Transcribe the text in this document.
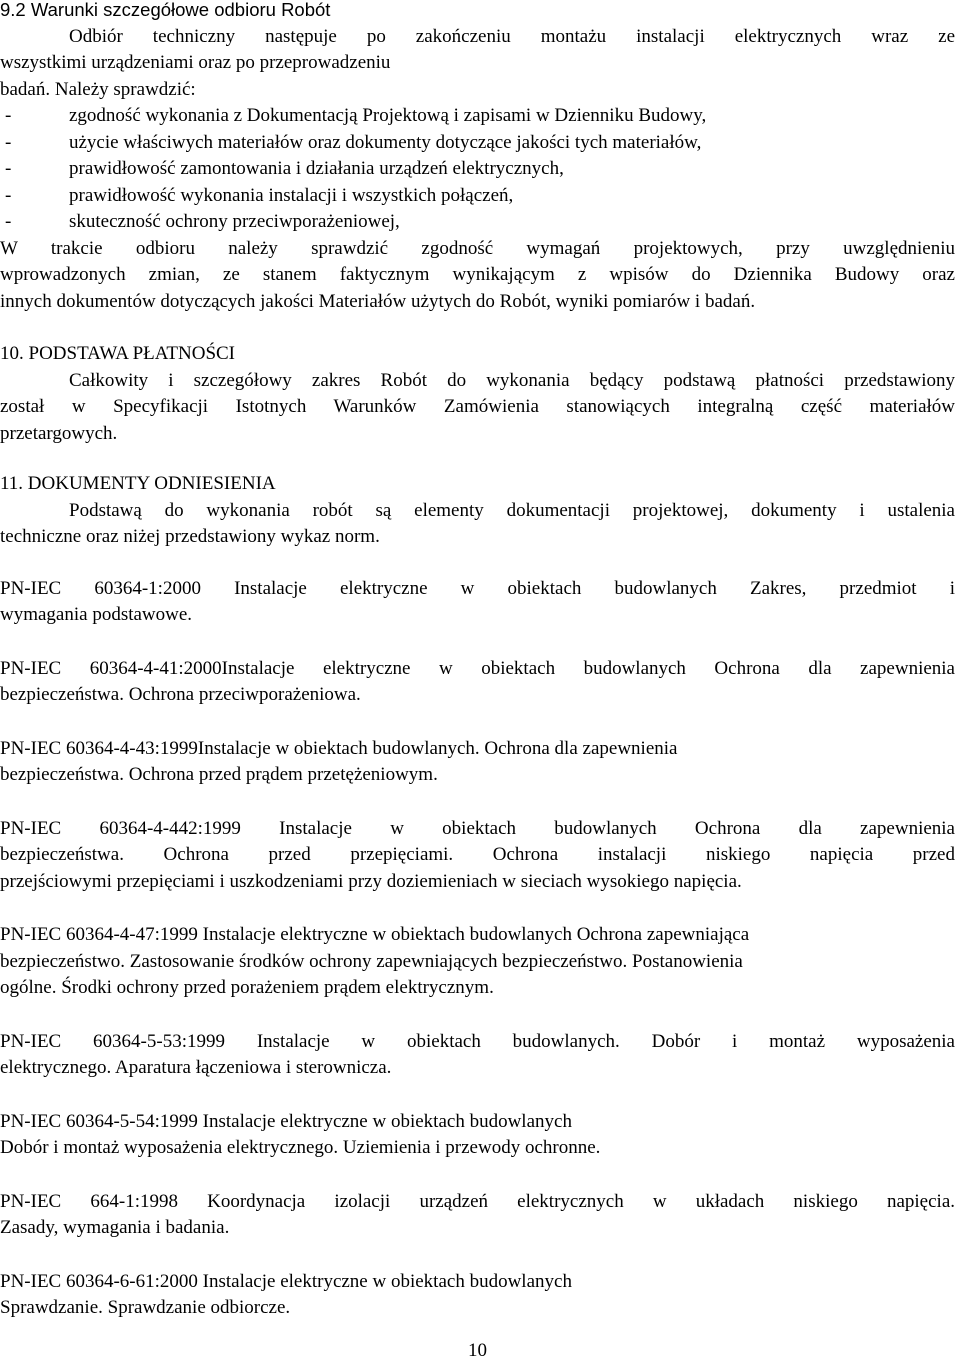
9.2 Warunki szczegółowe odbioru Robót
Odbiór techniczny następuje po zakończeniu montażu instalacji elektrycznych wraz ze
wszystkimi urządzeniami oraz po przeprowadzeniu
badań. Należy sprawdzić:
-	zgodność wykonania z Dokumentacją Projektową i zapisami w Dzienniku Budowy,
-	użycie właściwych materiałów oraz dokumenty dotyczące jakości tych materiałów,
-	prawidłowość zamontowania i działania urządzeń elektrycznych,
-	prawidłowość wykonania instalacji i wszystkich połączeń,
-	skuteczność ochrony przeciwporażeniowej,
W trakcie odbioru należy sprawdzić zgodność wymagań projektowych, przy uwzględnieniu
wprowadzonych zmian, ze stanem faktycznym wynikającym z wpisów do Dziennika Budowy oraz
innych dokumentów dotyczących jakości Materiałów użytych do Robót, wyniki pomiarów i badań.
10. PODSTAWA PŁATNOŚCI
Całkowity i szczegółowy zakres Robót do wykonania będący podstawą płatności przedstawiony
został w Specyfikacji Istotnych Warunków Zamówienia stanowiących integralną część materiałów
przetargowych.
11. DOKUMENTY ODNIESIENIA
Podstawą do wykonania robót są elementy dokumentacji projektowej, dokumenty i ustalenia
techniczne oraz niżej przedstawiony wykaz norm.
PN-IEC 60364-1:2000 Instalacje elektryczne w obiektach budowlanych Zakres, przedmiot i
wymagania podstawowe.
PN-IEC 60364-4-41:2000Instalacje elektryczne w obiektach budowlanych Ochrona dla zapewnienia
bezpieczeństwa. Ochrona przeciwporażeniowa.
PN-IEC 60364-4-43:1999Instalacje w obiektach budowlanych. Ochrona dla zapewnienia
bezpieczeństwa. Ochrona przed prądem przetężeniowym.
PN-IEC 60364-4-442:1999 Instalacje w obiektach budowlanych Ochrona dla zapewnienia
bezpieczeństwa. Ochrona przed przepięciami. Ochrona instalacji niskiego napięcia przed
przejściowymi przepięciami i uszkodzeniami przy doziemieniach w sieciach wysokiego napięcia.
PN-IEC 60364-4-47:1999 Instalacje elektryczne w obiektach budowlanych Ochrona zapewniająca
bezpieczeństwo. Zastosowanie środków ochrony zapewniających bezpieczeństwo. Postanowienia
ogólne. Środki ochrony przed porażeniem prądem elektrycznym.
PN-IEC 60364-5-53:1999 Instalacje w obiektach budowlanych. Dobór i montaż wyposażenia
elektrycznego. Aparatura łączeniowa i sterownicza.
PN-IEC 60364-5-54:1999 Instalacje elektryczne w obiektach budowlanych
Dobór i montaż wyposażenia elektrycznego. Uziemienia i przewody ochronne.
PN-IEC 664-1:1998 Koordynacja izolacji urządzeń elektrycznych w układach niskiego napięcia.
Zasady, wymagania i badania.
PN-IEC 60364-6-61:2000 Instalacje elektryczne w obiektach budowlanych
Sprawdzanie. Sprawdzanie odbiorcze.
10
